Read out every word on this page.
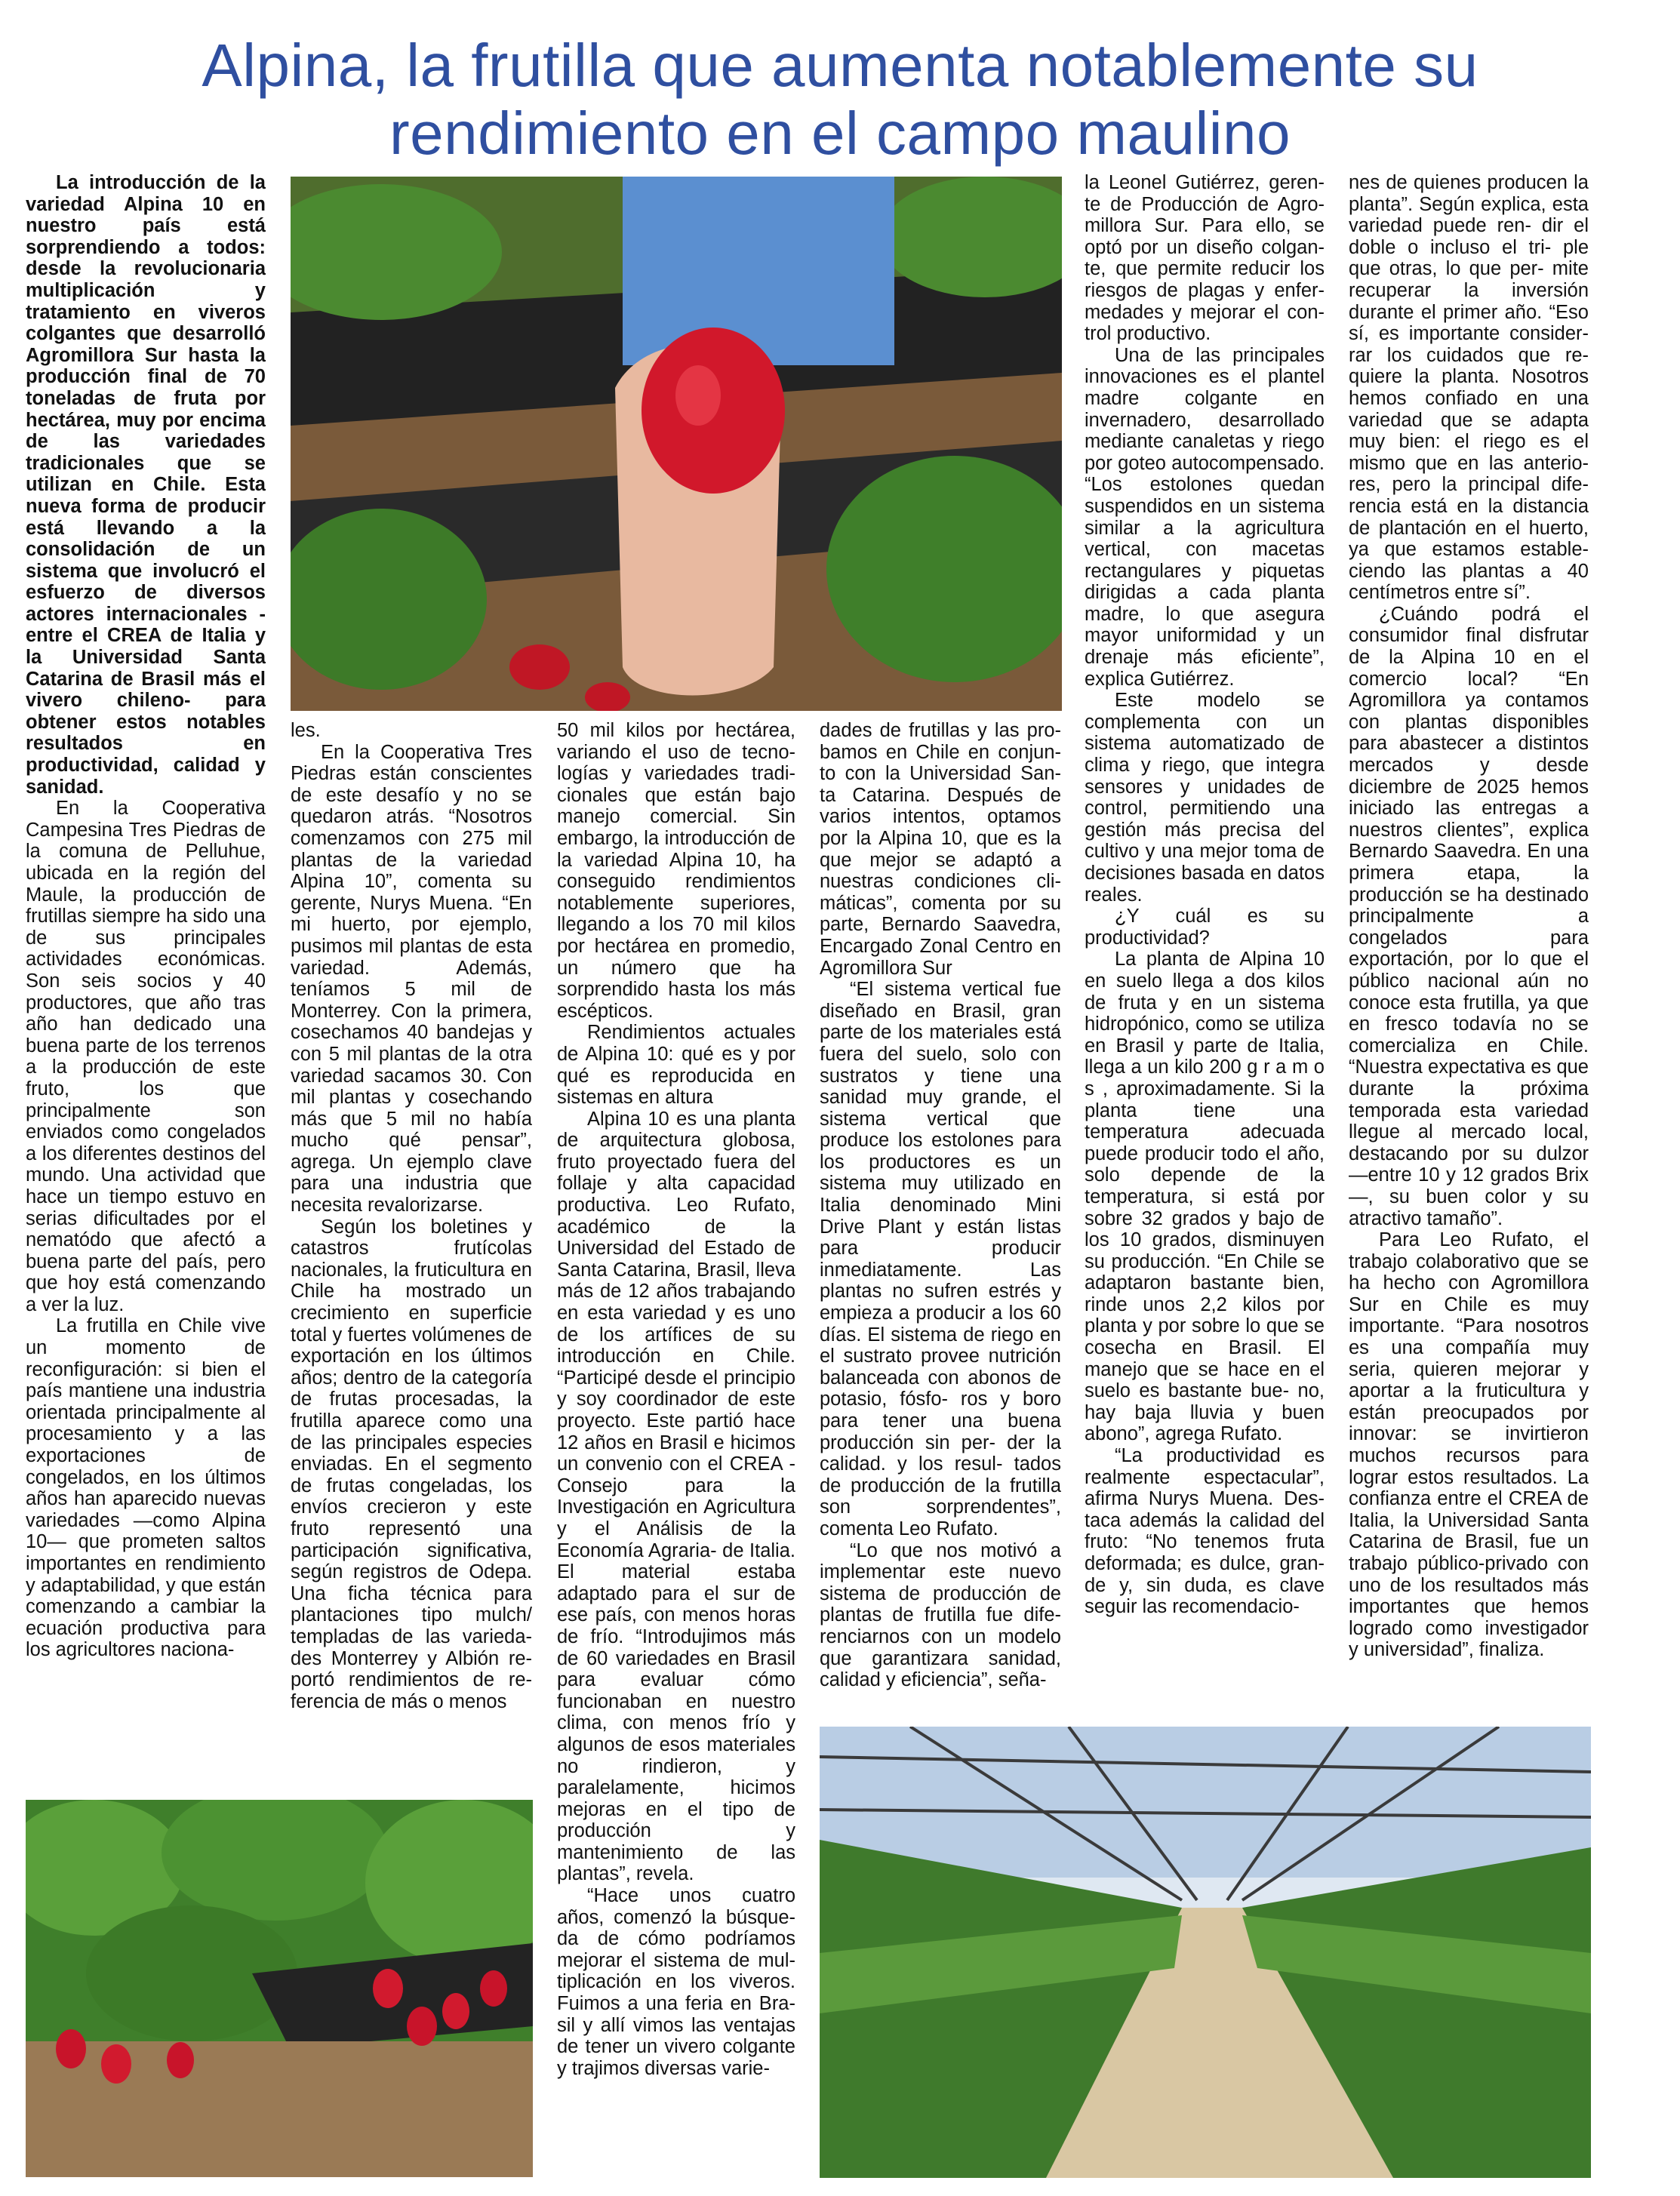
Alpina, la frutilla que aumenta notablemente su
rendimiento en el campo maulino

La introducción de la variedad Alpina 10 en nuestro país está sorprendiendo a todos: desde la revolucionaria multiplicación y tratamiento en viveros colgantes que desarrolló Agromillora Sur hasta la producción final de 70 toneladas de fruta por hectárea, muy por encima de las variedades tradicionales que se utilizan en Chile. Esta nueva forma de producir está llevando a la consolidación de un sistema que involucró el esfuerzo de diversos actores internacionales - entre el CREA de Italia y la Universidad Santa Catarina de Brasil más el vivero chileno- para obtener estos notables resultados en productividad, calidad y sanidad.

En la Cooperativa Campesina Tres Piedras de la comuna de Pelluhue, ubicada en la región del Maule, la producción de frutillas siempre ha sido una de sus principales actividades económicas. Son seis socios y 40 productores, que año tras año han dedicado una buena parte de los terrenos a la producción de este fruto, los que principalmente son enviados como congelados a los diferentes destinos del mundo. Una actividad que hace un tiempo estuvo en serias dificultades por el nematódo que afectó a buena parte del país, pero que hoy está comenzando a ver la luz.

La frutilla en Chile vive un momento de reconfiguración: si bien el país mantiene una industria orientada principalmente al procesamiento y a las exportaciones de congelados, en los últimos años han aparecido nuevas variedades —como Alpina 10— que prometen saltos importantes en rendimiento y adaptabilidad, y que están comenzando a cambiar la ecuación productiva para los agricultores naciona-

les.

En la Cooperativa Tres Piedras están conscientes de este desafío y no se quedaron atrás. “Nosotros comenzamos con 275 mil plantas de la variedad Alpina 10”, comenta su gerente, Nurys Muena. “En mi huerto, por ejemplo, pusimos mil plantas de esta variedad. Además, teníamos 5 mil de Monterrey. Con la primera, cosechamos 40 bandejas y con 5 mil plantas de la otra variedad sacamos 30. Con mil plantas y cosechando más que 5 mil no había mucho qué pensar”, agrega. Un ejemplo clave para una industria que necesita revalorizarse.

Según los boletines y catastros frutícolas nacionales, la fruticultura en Chile ha mostrado un crecimiento en superficie total y fuertes volúmenes de exportación en los últimos años; dentro de la categoría de frutas procesadas, la frutilla aparece como una de las principales especies enviadas. En el segmento de frutas congeladas, los envíos crecieron y este fruto representó una participación significativa, según registros de Odepa. Una ficha técnica para plantaciones tipo mulch/ templadas de las varieda- des Monterrey y Albión re- portó rendimientos de re- ferencia de más o menos

50 mil kilos por hectárea, variando el uso de tecno- logías y variedades tradi- cionales que están bajo manejo comercial. Sin embargo, la introducción de la variedad Alpina 10, ha conseguido rendimientos notablemente superiores, llegando a los 70 mil kilos por hectárea en promedio, un número que ha sorprendido hasta los más escépticos.

Rendimientos actuales de Alpina 10: qué es y por qué es reproducida en sistemas en altura

Alpina 10 es una planta de arquitectura globosa, fruto proyectado fuera del follaje y alta capacidad productiva. Leo Rufato, académico de la Universidad del Estado de Santa Catarina, Brasil, lleva más de 12 años trabajando en esta variedad y es uno de los artífices de su introducción en Chile. “Participé desde el principio y soy coordinador de este proyecto. Este partió hace 12 años en Brasil e hicimos un convenio con el CREA -Consejo para la Investigación en Agricultura y el Análisis de la Economía Agraria- de Italia. El material estaba adaptado para el sur de ese país, con menos horas de frío. “Introdujimos más de 60 variedades en Brasil para evaluar cómo funcionaban en nuestro clima, con menos frío y algunos de esos materiales no rindieron, y paralelamente, hicimos mejoras en el tipo de producción y mantenimiento de las plantas”, revela.

“Hace unos cuatro años, comenzó la búsque- da de cómo podríamos mejorar el sistema de mul- tiplicación en los viveros. Fuimos a una feria en Bra- sil y allí vimos las ventajas de tener un vivero colgante y trajimos diversas varie-

dades de frutillas y las pro- bamos en Chile en conjun- to con la Universidad San- ta Catarina. Después de varios intentos, optamos por la Alpina 10, que es la que mejor se adaptó a nuestras condiciones cli- máticas”, comenta por su parte, Bernardo Saavedra, Encargado Zonal Centro en Agromillora Sur

“El sistema vertical fue diseñado en Brasil, gran parte de los materiales está fuera del suelo, solo con sustratos y tiene una sanidad muy grande, el sistema vertical que produce los estolones para los productores es un sistema muy utilizado en Italia denominado Mini Drive Plant y están listas para producir inmediatamente. Las plantas no sufren estrés y empieza a producir a los 60 días. El sistema de riego en el sustrato provee nutrición balanceada con abonos de potasio, fósfo- ros y boro para tener una buena producción sin per- der la calidad. y los resul- tados de producción de la frutilla son sorprendentes”, comenta Leo Rufato.

“Lo que nos motivó a implementar este nuevo sistema de producción de plantas de frutilla fue dife- renciarnos con un modelo que garantizara sanidad, calidad y eficiencia”, seña-

la Leonel Gutiérrez, geren- te de Producción de Agro- millora Sur. Para ello, se optó por un diseño colgan- te, que permite reducir los riesgos de plagas y enfer- medades y mejorar el con- trol productivo.

Una de las principales innovaciones es el plantel madre colgante en invernadero, desarrollado mediante canaletas y riego por goteo autocompensado. “Los estolones quedan suspendidos en un sistema similar a la agricultura vertical, con macetas rectangulares y piquetas dirigidas a cada planta madre, lo que asegura mayor uniformidad y un drenaje más eficiente”, explica Gutiérrez.

Este modelo se complementa con un sistema automatizado de clima y riego, que integra sensores y unidades de control, permitiendo una gestión más precisa del cultivo y una mejor toma de decisiones basada en datos reales.

¿Y cuál es su productividad?

La planta de Alpina 10 en suelo llega a dos kilos de fruta y en un sistema hidropónico, como se utiliza en Brasil y parte de Italia, llega a un kilo 200 g r a m o s , aproximadamente. Si la planta tiene una temperatura adecuada puede producir todo el año, solo depende de la temperatura, si está por sobre 32 grados y bajo de los 10 grados, disminuyen su producción. “En Chile se adaptaron bastante bien, rinde unos 2,2 kilos por planta y por sobre lo que se cosecha en Brasil. El manejo que se hace en el suelo es bastante bue- no, hay baja lluvia y buen abono”, agrega Rufato.

“La productividad es realmente espectacular”, afirma Nurys Muena. Des- taca además la calidad del fruto: “No tenemos fruta deformada; es dulce, gran- de y, sin duda, es clave seguir las recomendacio-

nes de quienes producen la planta”. Según explica, esta variedad puede ren- dir el doble o incluso el tri- ple que otras, lo que per- mite recuperar la inversión durante el primer año. “Eso sí, es importante consider- rar los cuidados que re- quiere la planta. Nosotros hemos confiado en una variedad que se adapta muy bien: el riego es el mismo que en las anterio- res, pero la principal dife- rencia está en la distancia de plantación en el huerto, ya que estamos estable- ciendo las plantas a 40 centímetros entre sí”.

¿Cuándo podrá el consumidor final disfrutar de la Alpina 10 en el comercio local? “En Agromillora ya contamos con plantas disponibles para abastecer a distintos mercados y desde diciembre de 2025 hemos iniciado las entregas a nuestros clientes”, explica Bernardo Saavedra. En una primera etapa, la producción se ha destinado principalmente a congelados para exportación, por lo que el público nacional aún no conoce esta frutilla, ya que en fresco todavía no se comercializa en Chile. “Nuestra expectativa es que durante la próxima temporada esta variedad llegue al mercado local, destacando por su dulzor —entre 10 y 12 grados Brix—, su buen color y su atractivo tamaño”.

Para Leo Rufato, el trabajo colaborativo que se ha hecho con Agromillora Sur en Chile es muy importante. “Para nosotros es una compañía muy seria, quieren mejorar y aportar a la fruticultura y están preocupados por innovar: se invirtieron muchos recursos para lograr estos resultados. La confianza entre el CREA de Italia, la Universidad Santa Catarina de Brasil, fue un trabajo público-privado con uno de los resultados más importantes que hemos logrado como investigador y universidad”, finaliza.
